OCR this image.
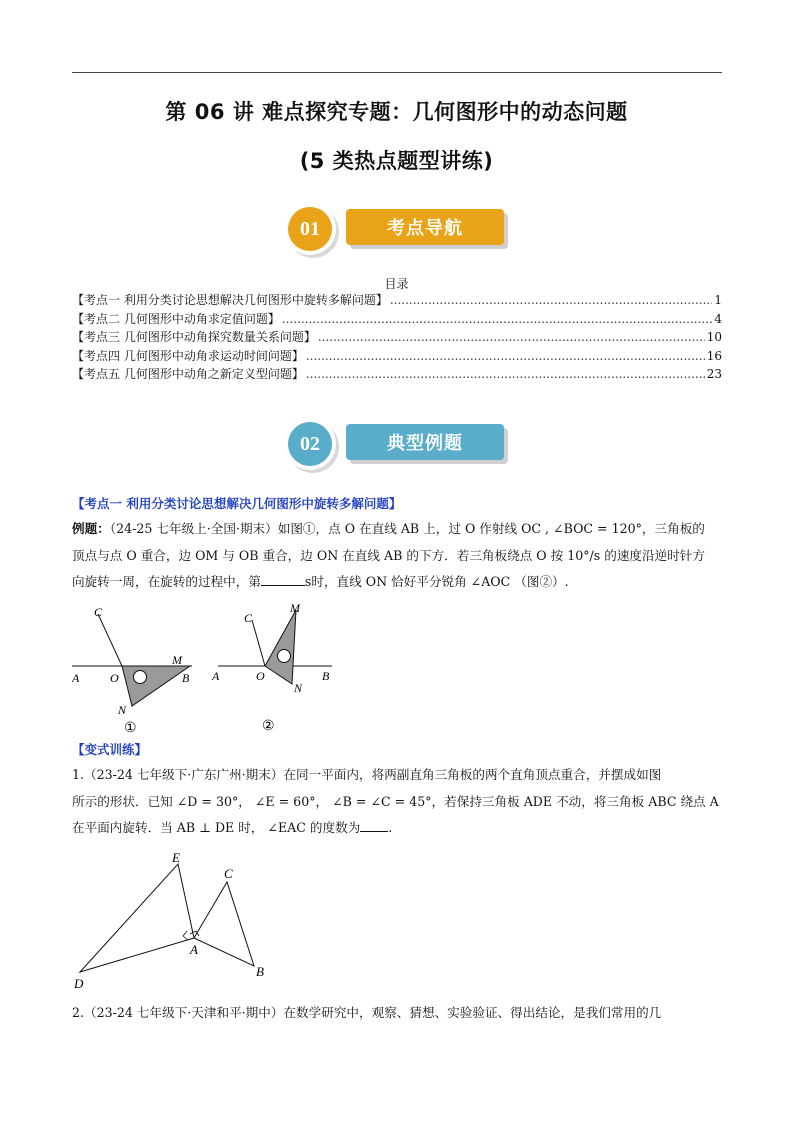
第 06 讲 难点探究专题：几何图形中的动态问题
(5 类热点题型讲练)
考点导航
01
目录
【考点一 利用分类讨论思想解决几何图形中旋转多解问题】 .....	1
【考点二 几何图形中动角求定值问题】 .....	4
【考点三 几何图形中动角探究数量关系问题】 .....	10
【考点四 几何图形中动角求运动时间问题】 .....	16
【考点五 几何图形中动角之新定义型问题】 .....	23
典型例题
02
【考点一 利用分类讨论思想解决几何图形中旋转多解问题】
例题：（24-25 七年级上·全国·期末）如图①，点 O 在直线 AB 上，过 O 作射线 OC , ∠BOC = 120°，三角板的
顶点与点 O 重合，边 OM 与 OB 重合，边 ON 在直线 AB 的下方．若三角板绕点 O 按 10°/s 的速度沿逆时针方
向旋转一周，在旋转的过程中，第	s时，直线 ON 恰好平分锐角 ∠AOC （图②）.
C
M
A	O	B
N
①
C
M
A	O	B
N
②
【变式训练】
1.（23-24 七年级下·广东广州·期末）在同一平面内，将两副直角三角板的两个直角顶点重合，并摆成如图
所示的形状．已知 ∠D = 30°， ∠E = 60°， ∠B = ∠C = 45°，若保持三角板 ADE 不动，将三角板 ABC 绕点 A
在平面内旋转．当 AB ⊥ DE 时， ∠EAC 的度数为 .
E
C
A
D
B
2.（23-24 七年级下·天津和平·期中）在数学研究中，观察、猜想、实验验证、得出结论，是我们常用的几
